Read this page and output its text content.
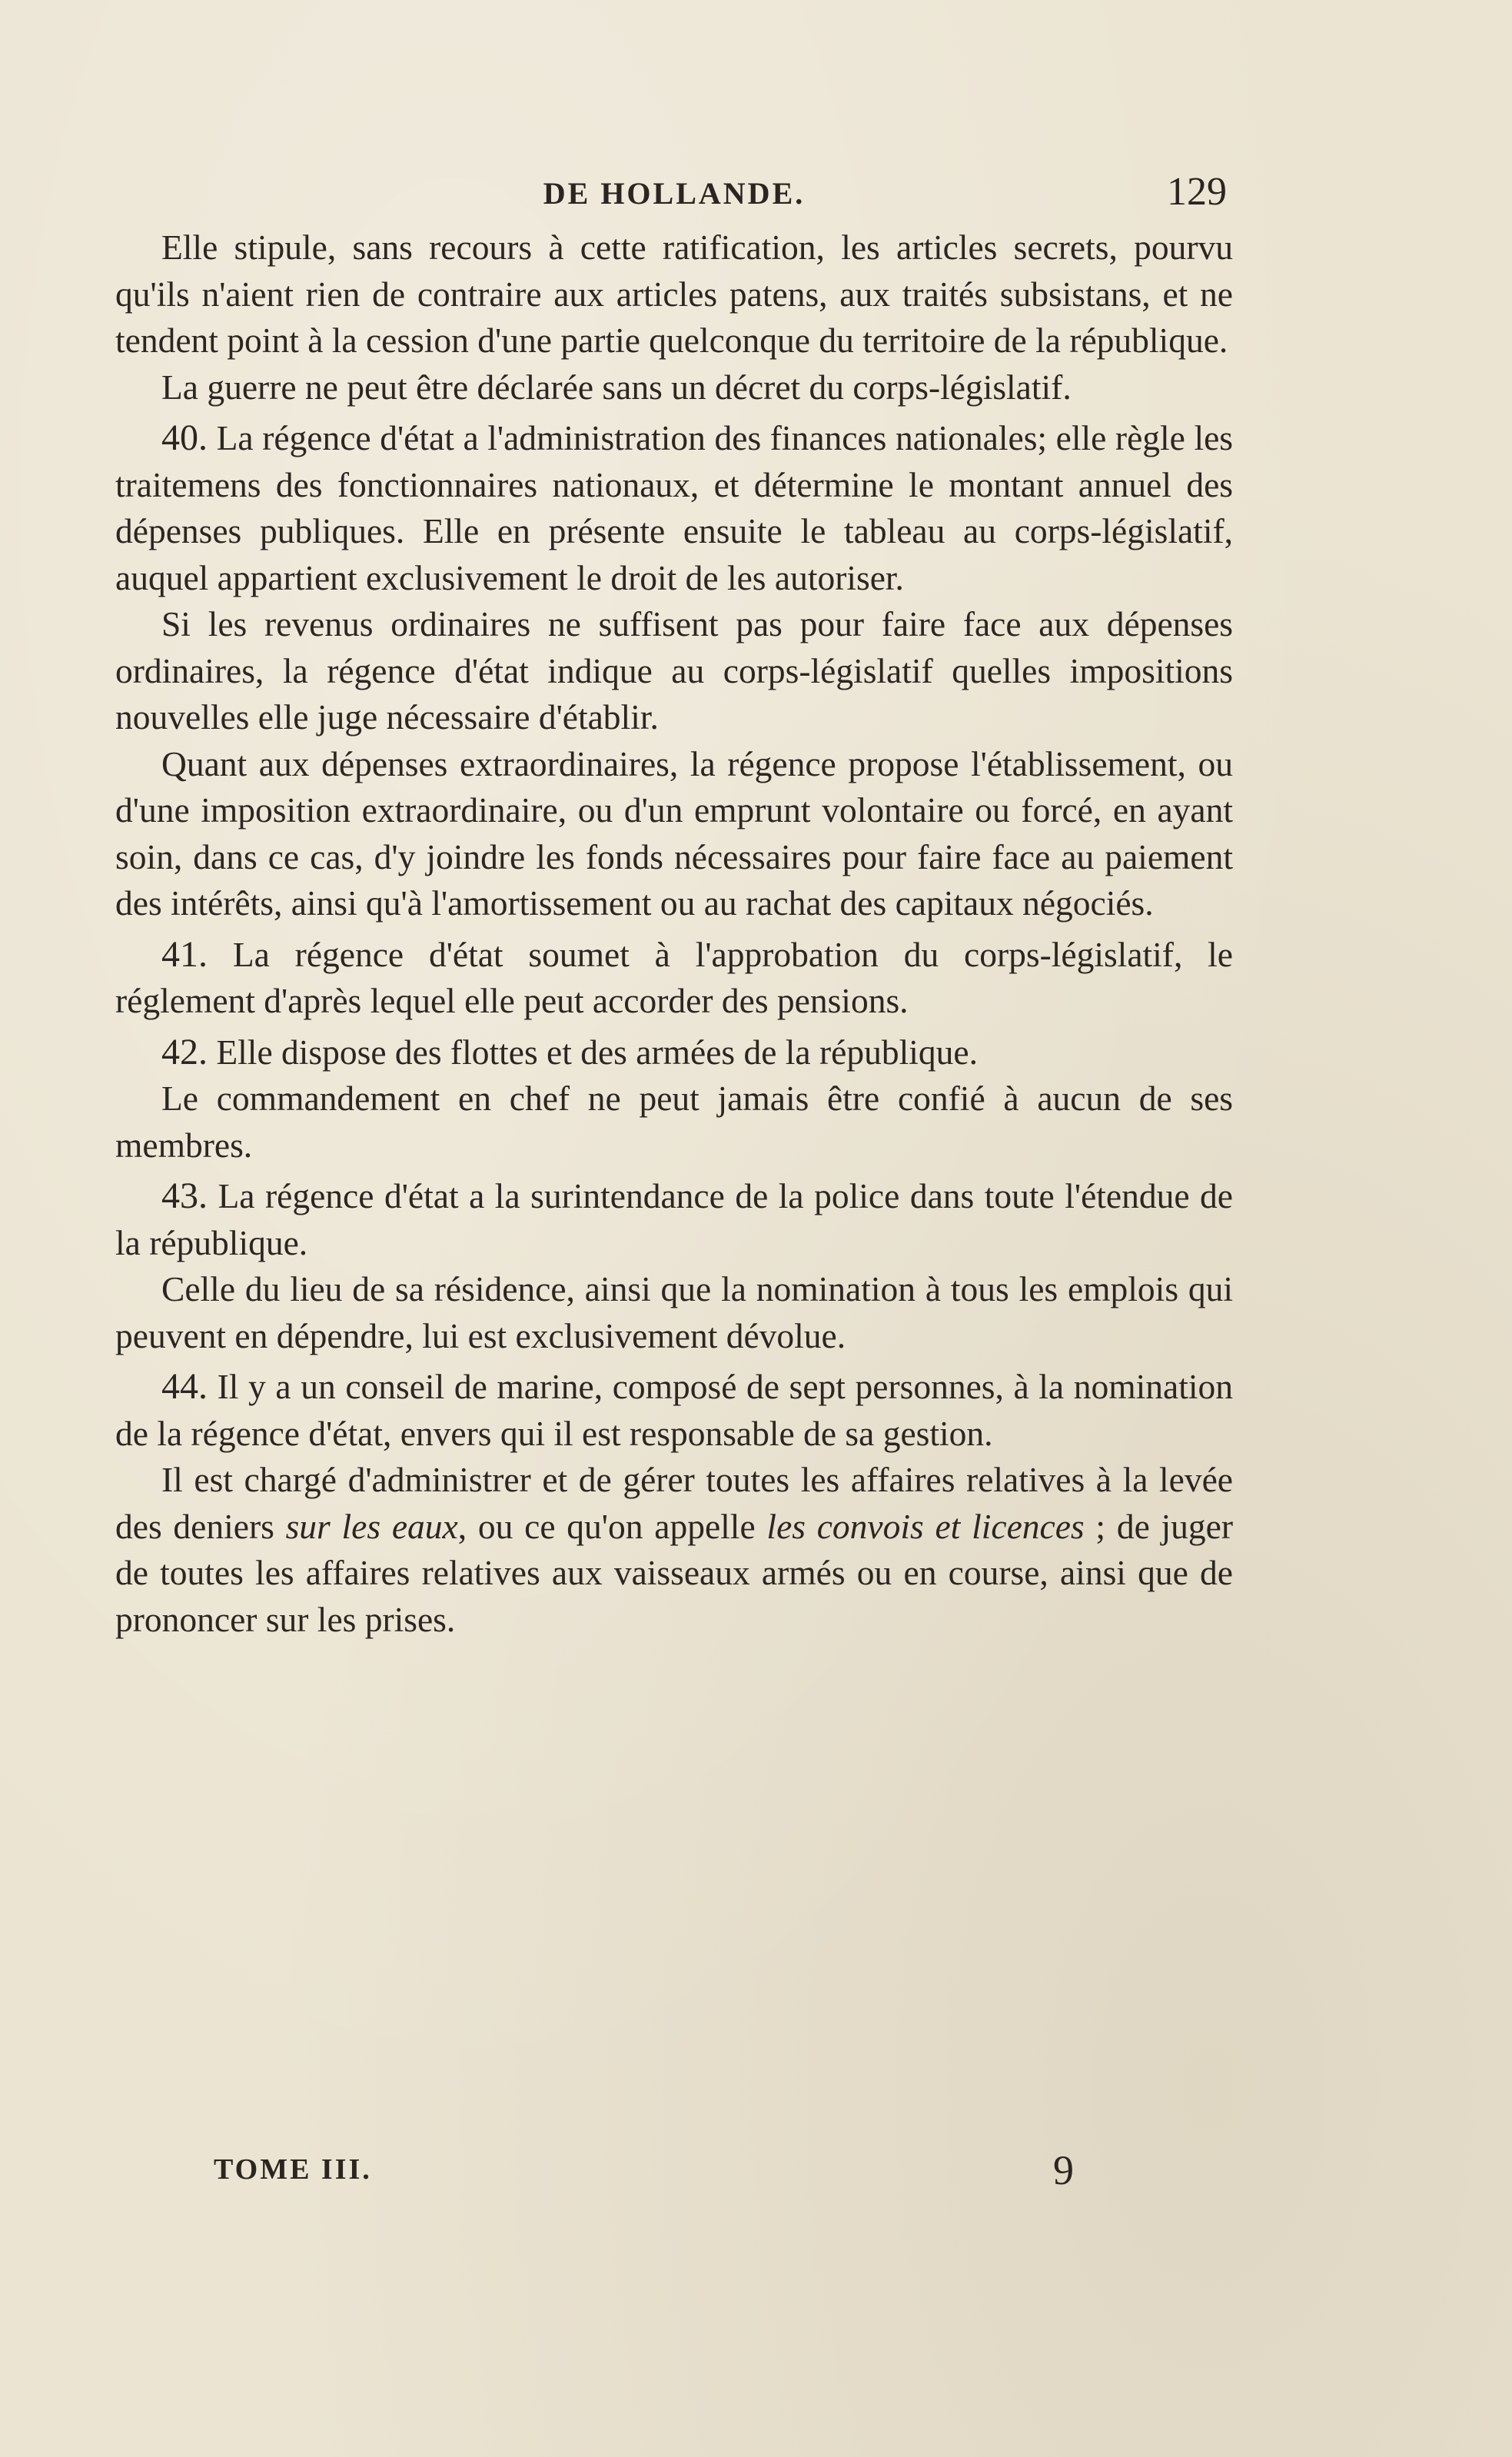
DE HOLLANDE.	129

Elle stipule, sans recours à cette ratification, les articles secrets, pourvu qu'ils n'aient rien de contraire aux articles patens, aux traités subsistans, et ne tendent point à la cession d'une partie quelconque du territoire de la république.

La guerre ne peut être déclarée sans un décret du corps-législatif.

40. La régence d'état a l'administration des finances nationales; elle règle les traitemens des fonctionnaires nationaux, et détermine le montant annuel des dépenses publiques. Elle en présente ensuite le tableau au corps-législatif, auquel appartient exclusivement le droit de les autoriser.

Si les revenus ordinaires ne suffisent pas pour faire face aux dépenses ordinaires, la régence d'état indique au corps-législatif quelles impositions nouvelles elle juge nécessaire d'établir.

Quant aux dépenses extraordinaires, la régence propose l'établissement, ou d'une imposition extraordinaire, ou d'un emprunt volontaire ou forcé, en ayant soin, dans ce cas, d'y joindre les fonds nécessaires pour faire face au paiement des intérêts, ainsi qu'à l'amortissement ou au rachat des capitaux négociés.

41. La régence d'état soumet à l'approbation du corps-législatif, le réglement d'après lequel elle peut accorder des pensions.

42. Elle dispose des flottes et des armées de la république.

Le commandement en chef ne peut jamais être confié à aucun de ses membres.

43. La régence d'état a la surintendance de la police dans toute l'étendue de la république.

Celle du lieu de sa résidence, ainsi que la nomination à tous les emplois qui peuvent en dépendre, lui est exclusivement dévolue.

44. Il y a un conseil de marine, composé de sept personnes, à la nomination de la régence d'état, envers qui il est responsable de sa gestion.

Il est chargé d'administrer et de gérer toutes les affaires relatives à la levée des deniers sur les eaux, ou ce qu'on appelle les convois et licences ; de juger de toutes les affaires relatives aux vaisseaux armés ou en course, ainsi que de prononcer sur les prises.

TOME III.	9
